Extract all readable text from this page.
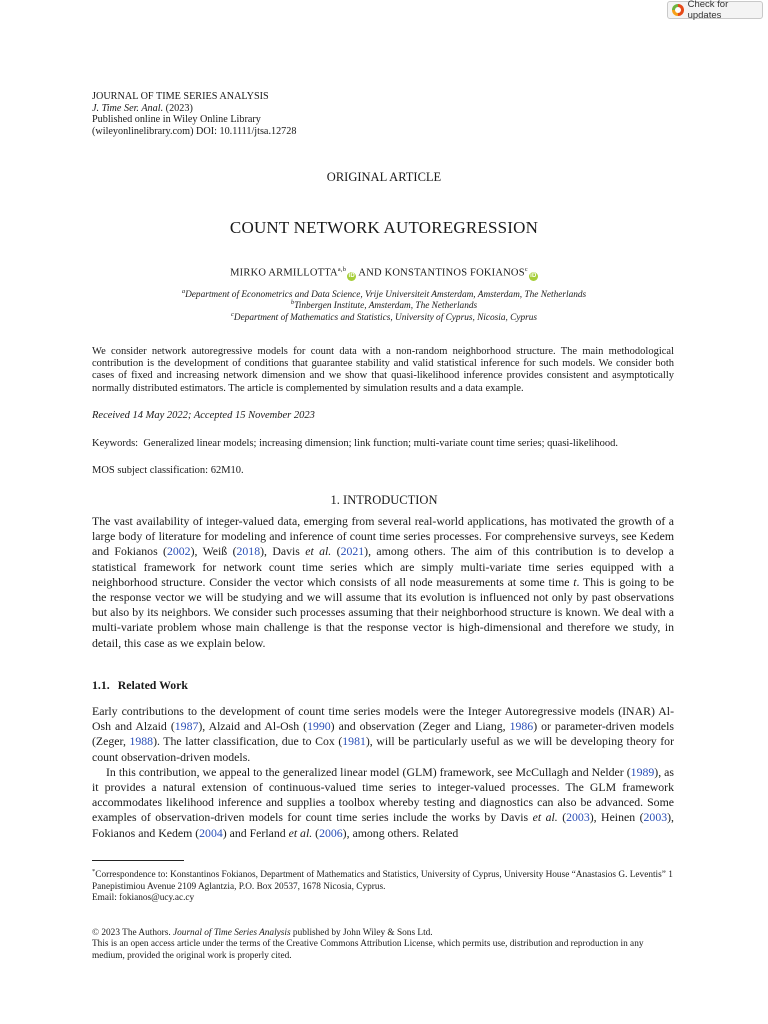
Check for updates
JOURNAL OF TIME SERIES ANALYSIS
J. Time Ser. Anal. (2023)
Published online in Wiley Online Library
(wileyonlinelibrary.com) DOI: 10.1111/jtsa.12728
ORIGINAL ARTICLE
COUNT NETWORK AUTOREGRESSION
MIRKO ARMILLOTTA$^{a,b}$iD AND KONSTANTINOS FOKIANOS$^c$iD
$^a$Department of Econometrics and Data Science, Vrije Universiteit Amsterdam, Amsterdam, The Netherlands
$^b$Tinbergen Institute, Amsterdam, The Netherlands
$^c$Department of Mathematics and Statistics, University of Cyprus, Nicosia, Cyprus
We consider network autoregressive models for count data with a non-random neighborhood structure. The main methodological contribution is the development of conditions that guarantee stability and valid statistical inference for such models. We consider both cases of fixed and increasing network dimension and we show that quasi-likelihood inference provides consistent and asymptotically normally distributed estimators. The article is complemented by simulation results and a data example.
Received 14 May 2022; Accepted 15 November 2023
Keywords: Generalized linear models; increasing dimension; link function; multi-variate count time series; quasi-likelihood.
MOS subject classification: 62M10.
1. INTRODUCTION
The vast availability of integer-valued data, emerging from several real-world applications, has motivated the growth of a large body of literature for modeling and inference of count time series processes. For comprehensive surveys, see Kedem and Fokianos (2002), Weiß (2018), Davis et al. (2021), among others. The aim of this contribution is to develop a statistical framework for network count time series which are simply multi-variate time series equipped with a neighborhood structure. Consider the vector which consists of all node measurements at some time t. This is going to be the response vector we will be studying and we will assume that its evolution is influenced not only by past observations but also by its neighbors. We consider such processes assuming that their neighborhood structure is known. We deal with a multi-variate problem whose main challenge is that the response vector is high-dimensional and therefore we study, in detail, this case as we explain below.
1.1. Related Work

Early contributions to the development of count time series models were the Integer Autoregressive models (INAR) Al-Osh and Alzaid (1987), Alzaid and Al-Osh (1990) and observation (Zeger and Liang, 1986) or parameter-driven models (Zeger, 1988). The latter classification, due to Cox (1981), will be particularly useful as we will be developing theory for count observation-driven models.

In this contribution, we appeal to the generalized linear model (GLM) framework, see McCullagh and Nelder (1989), as it provides a natural extension of continuous-valued time series to integer-valued processes. The GLM framework accommodates likelihood inference and supplies a toolbox whereby testing and diagnostics can also be advanced. Some examples of observation-driven models for count time series include the works by Davis et al. (2003), Heinen (2003), Fokianos and Kedem (2004) and Ferland et al. (2006), among others. Related

*Correspondence to: Konstantinos Fokianos, Department of Mathematics and Statistics, University of Cyprus, University House “Anastasios G. Leventis” 1 Panepistimiou Avenue 2109 Aglantzia, P.O. Box 20537, 1678 Nicosia, Cyprus.
Email: fokianos@ucy.ac.cy

© 2023 The Authors. Journal of Time Series Analysis published by John Wiley & Sons Ltd.

This is an open access article under the terms of the Creative Commons Attribution License, which permits use, distribution and reproduction in any medium, provided the original work is properly cited.
